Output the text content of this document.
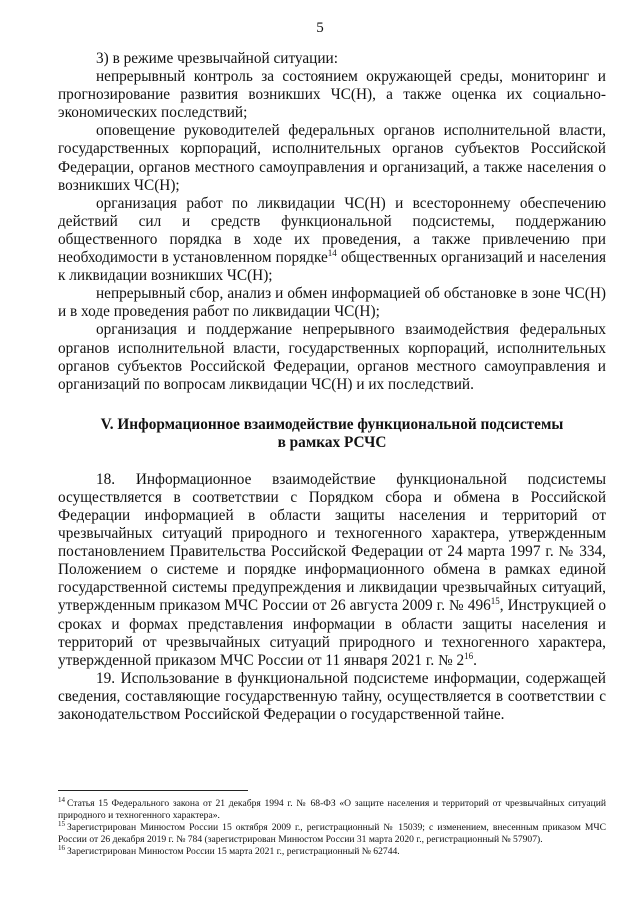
5

3) в режиме чрезвычайной ситуации:

непрерывный контроль за состоянием окружающей среды, мониторинг и прогнозирование развития возникших ЧС(Н), а также оценка их социально-экономических последствий;

оповещение руководителей федеральных органов исполнительной власти, государственных корпораций, исполнительных органов субъектов Российской Федерации, органов местного самоуправления и организаций, а также населения о возникших ЧС(Н);

организация работ по ликвидации ЧС(Н) и всестороннему обеспечению действий сил и средств функциональной подсистемы, поддержанию общественного порядка в ходе их проведения, а также привлечению при необходимости в установленном порядке$^{14}$ общественных организаций и населения к ликвидации возникших ЧС(Н);

непрерывный сбор, анализ и обмен информацией об обстановке в зоне ЧС(Н) и в ходе проведения работ по ликвидации ЧС(Н);

организация и поддержание непрерывного взаимодействия федеральных органов исполнительной власти, государственных корпораций, исполнительных органов субъектов Российской Федерации, органов местного самоуправления и организаций по вопросам ликвидации ЧС(Н) и их последствий.

V. Информационное взаимодействие функциональной подсистемы
в рамках РСЧС

18. Информационное взаимодействие функциональной подсистемы осуществляется в соответствии с Порядком сбора и обмена в Российской Федерации информацией в области защиты населения и территорий от чрезвычайных ситуаций природного и техногенного характера, утвержденным постановлением Правительства Российской Федерации от 24 марта 1997 г. № 334, Положением о системе и порядке информационного обмена в рамках единой государственной системы предупреждения и ликвидации чрезвычайных ситуаций, утвержденным приказом МЧС России от 26 августа 2009 г. № $496^{15}$, Инструкцией о сроках и формах представления информации в области защиты населения и территорий от чрезвычайных ситуаций природного и техногенного характера, утвержденной приказом МЧС России от 11 января 2021 г. № $2^{16}$.

19. Использование в функциональной подсистеме информации, содержащей сведения, составляющие государственную тайну, осуществляется в соответствии с законодательством Российской Федерации о государственной тайне.

$^{14}$ Статья 15 Федерального закона от 21 декабря 1994 г. № 68-ФЗ «О защите населения и территорий от чрезвычайных ситуаций природного и техногенного характера».

$^{15}$ Зарегистрирован Минюстом России 15 октября 2009 г., регистрационный № 15039; с изменением, внесенным приказом МЧС России от 26 декабря 2019 г. № 784 (зарегистрирован Минюстом России 31 марта 2020 г., регистрационный № 57907).

$^{16}$ Зарегистрирован Минюстом России 15 марта 2021 г., регистрационный № 62744.
